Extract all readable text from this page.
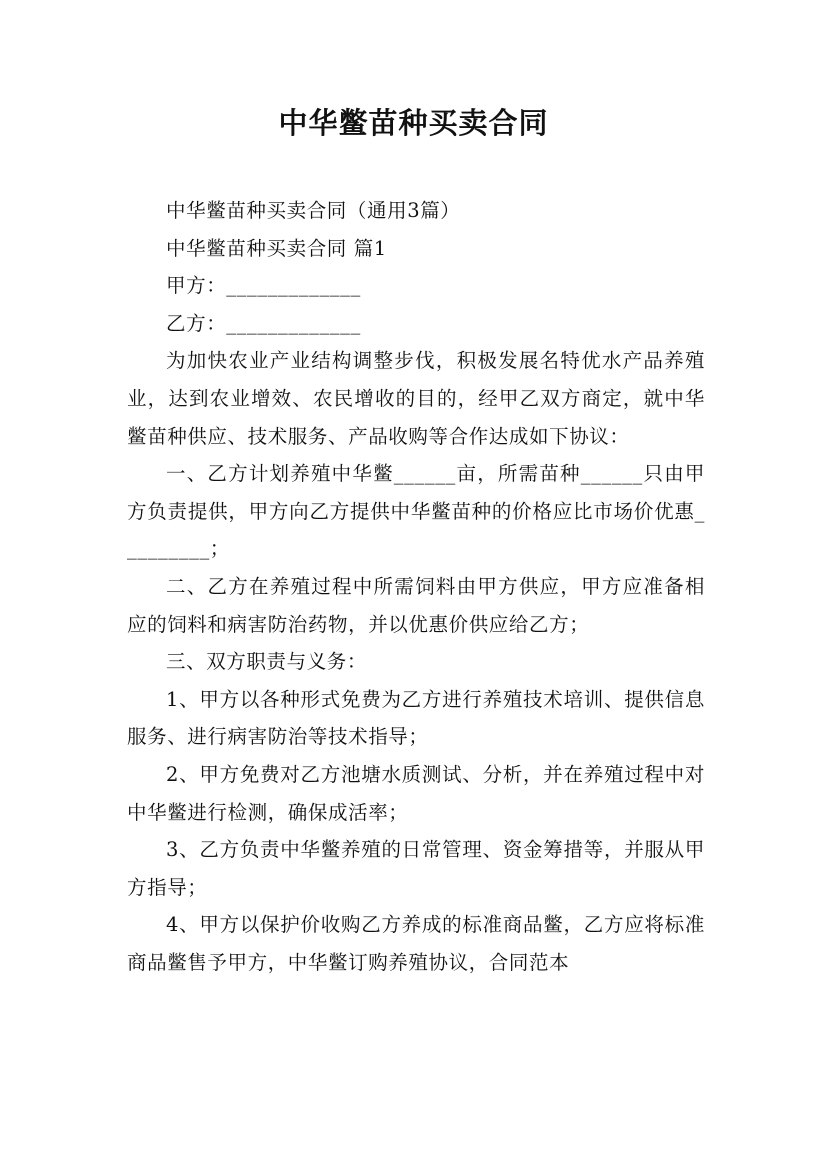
中华鳖苗种买卖合同

中华鳖苗种买卖合同（通用3篇）

中华鳖苗种买卖合同 篇1

甲方：_____________

乙方：_____________

为加快农业产业结构调整步伐，积极发展名特优水产品养殖业，达到农业增效、农民增收的目的，经甲乙双方商定，就中华鳖苗种供应、技术服务、产品收购等合作达成如下协议：

一、乙方计划养殖中华鳖______亩，所需苗种______只由甲方负责提供，甲方向乙方提供中华鳖苗种的价格应比市场价优惠_________；

二、乙方在养殖过程中所需饲料由甲方供应，甲方应准备相应的饲料和病害防治药物，并以优惠价供应给乙方；

三、双方职责与义务：

1、甲方以各种形式免费为乙方进行养殖技术培训、提供信息服务、进行病害防治等技术指导；

2、甲方免费对乙方池塘水质测试、分析，并在养殖过程中对中华鳖进行检测，确保成活率；

3、乙方负责中华鳖养殖的日常管理、资金筹措等，并服从甲方指导；

4、甲方以保护价收购乙方养成的标准商品鳖，乙方应将标准商品鳖售予甲方，中华鳖订购养殖协议，合同范本
